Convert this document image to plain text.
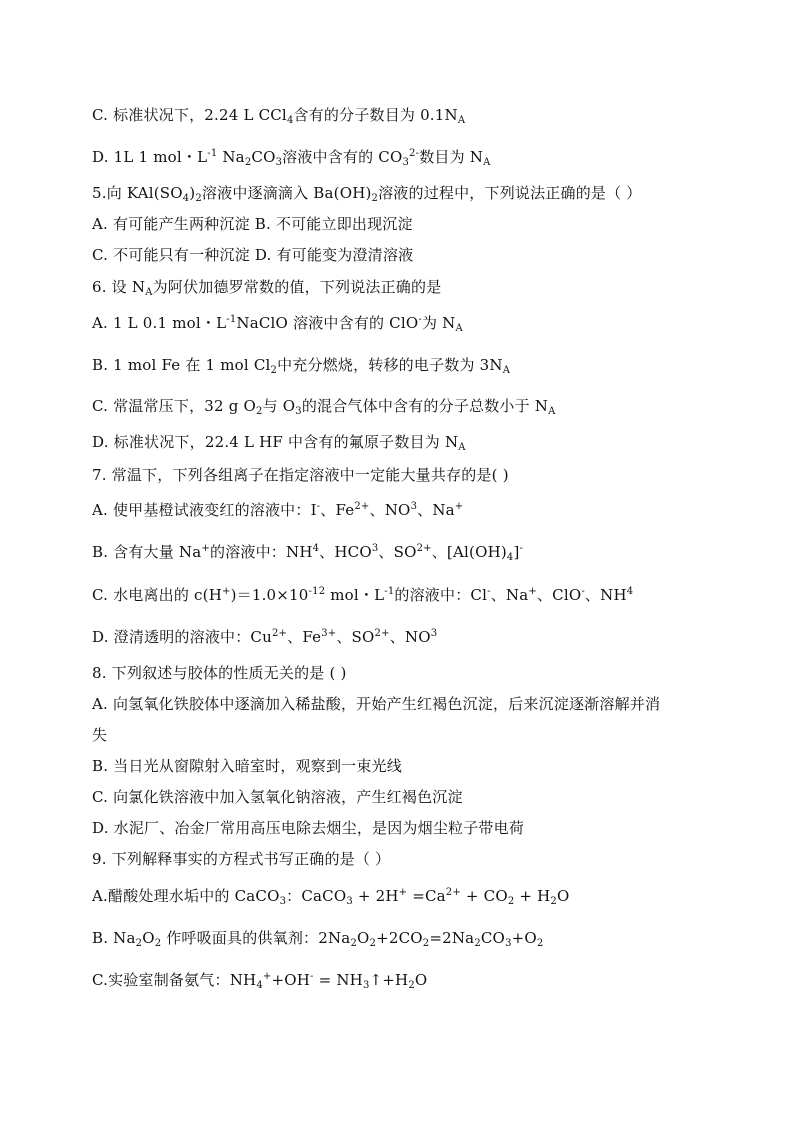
C. 标准状况下，2.24 L CCl$_4$含有的分子数目为 $0.1N_A$
D. 1L 1 mol・$L^{-1}$ $Na_2CO_3$溶液中含有的 $CO_3^{2-}$数目为 $N_A$
5.向 $KAl(SO_4)_2$溶液中逐滴滴入 $Ba(OH)_2$溶液的过程中，下列说法正确的是（ ）
A. 有可能产生两种沉淀 B. 不可能立即出现沉淀
C. 不可能只有一种沉淀 D. 有可能变为澄清溶液
6. 设 $N_A$为阿伏加德罗常数的值，下列说法正确的是
A. 1 L 0.1 mol・$L^{-1}NaClO$ 溶液中含有的 ClO-为 $N_A$
B. 1 mol Fe 在 1 mol $Cl_2$中充分燃烧，转移的电子数为 $3N_A$
C. 常温常压下，32 g $O_2$与 $O_3$的混合气体中含有的分子总数小于 $N_A$
D. 标准状况下，22.4 L HF 中含有的氟原子数目为 $N_A$
7. 常温下，下列各组离子在指定溶液中一定能大量共存的是( )
A. 使甲基橙试液变红的溶液中：I-、$Fe^{2+}$、$NO^3$、Na+
B. 含有大量 Na+的溶液中：$NH^4$、HCO$^3$、$SO^{2+}$、$[Al(OH)_4]^-$
C. 水电离出的 $c(H^+)=1.0\times 10^{-12}$ mol・$L^{-1}$的溶液中：Cl-、Na+、ClO-、$NH^4$
D. 澄清透明的溶液中：$Cu^{2+}$、$Fe^{3+}$、$SO^{2+}$、$NO^3$
8. 下列叙述与胶体的性质无关的是 ( )
A. 向氢氧化铁胶体中逐滴加入稀盐酸，开始产生红褐色沉淀，后来沉淀逐渐溶解并消
失
B. 当日光从窗隙射入暗室时，观察到一束光线
C. 向氯化铁溶液中加入氢氧化钠溶液，产生红褐色沉淀
D. 水泥厂、冶金厂常用高压电除去烟尘，是因为烟尘粒子带电荷
9. 下列解释事实的方程式书写正确的是（ ）
A.醋酸处理水垢中的 CaCO$_3$：CaCO$_3$ + $2H^+ =Ca^{2+} + CO_2 + H_2O$
B. $Na_2O_2$ 作呼吸面具的供氧剂：$2Na_2O_2+2CO_2=2Na_2CO_3+O_2$
C.实验室制备氨气：$NH_4^++OH^-$ = $NH_3↑+H_2O$
